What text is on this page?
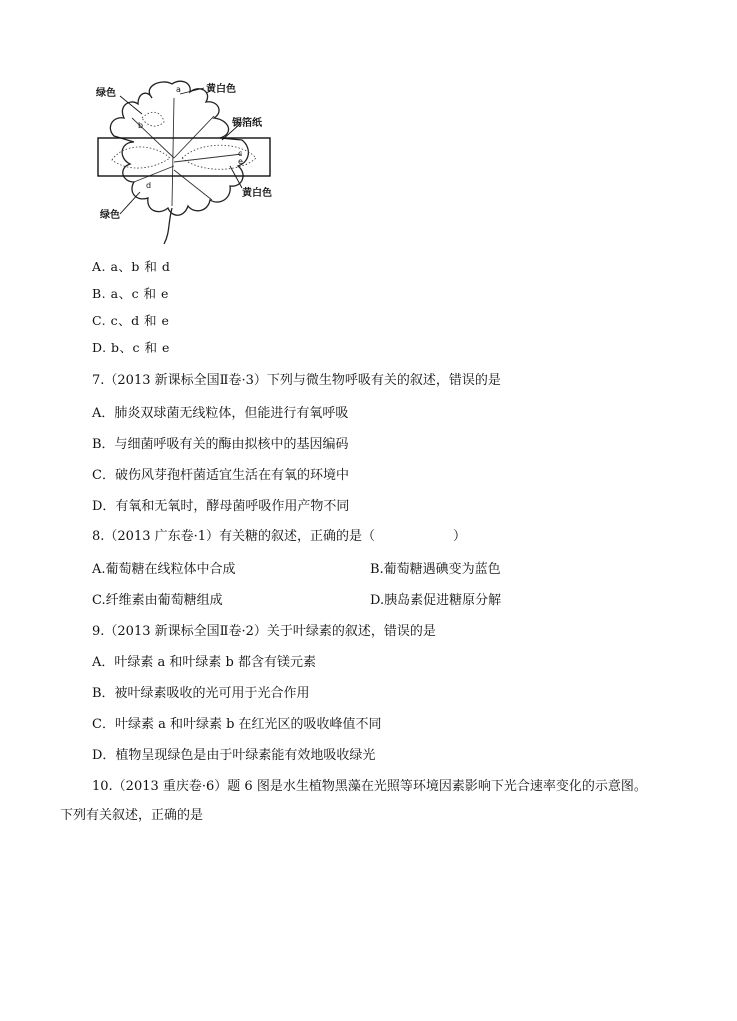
绿色	黄白色
锡箔纸
黄白色
绿色
a
b
c
d
e
A. a、b 和 d
B. a、c 和 e
C. c、d 和 e
D. b、c 和 e
7.（2013 新课标全国Ⅱ卷·3）下列与微生物呼吸有关的叙述，错误的是
A．肺炎双球菌无线粒体，但能进行有氧呼吸
B．与细菌呼吸有关的酶由拟核中的基因编码
C．破伤风芽孢杆菌适宜生活在有氧的环境中
D．有氧和无氧时，酵母菌呼吸作用产物不同
8.（2013 广东卷·1）有关糖的叙述，正确的是（　　　　　　）
A.葡萄糖在线粒体中合成	B.葡萄糖遇碘变为蓝色
C.纤维素由葡萄糖组成	D.胰岛素促进糖原分解
9.（2013 新课标全国Ⅱ卷·2）关于叶绿素的叙述，错误的是
A．叶绿素 a 和叶绿素 b 都含有镁元素
B．被叶绿素吸收的光可用于光合作用
C．叶绿素 a 和叶绿素 b 在红光区的吸收峰值不同
D．植物呈现绿色是由于叶绿素能有效地吸收绿光
10.（2013 重庆卷·6）题 6 图是水生植物黑藻在光照等环境因素影响下光合速率变化的示意图。
下列有关叙述，正确的是
